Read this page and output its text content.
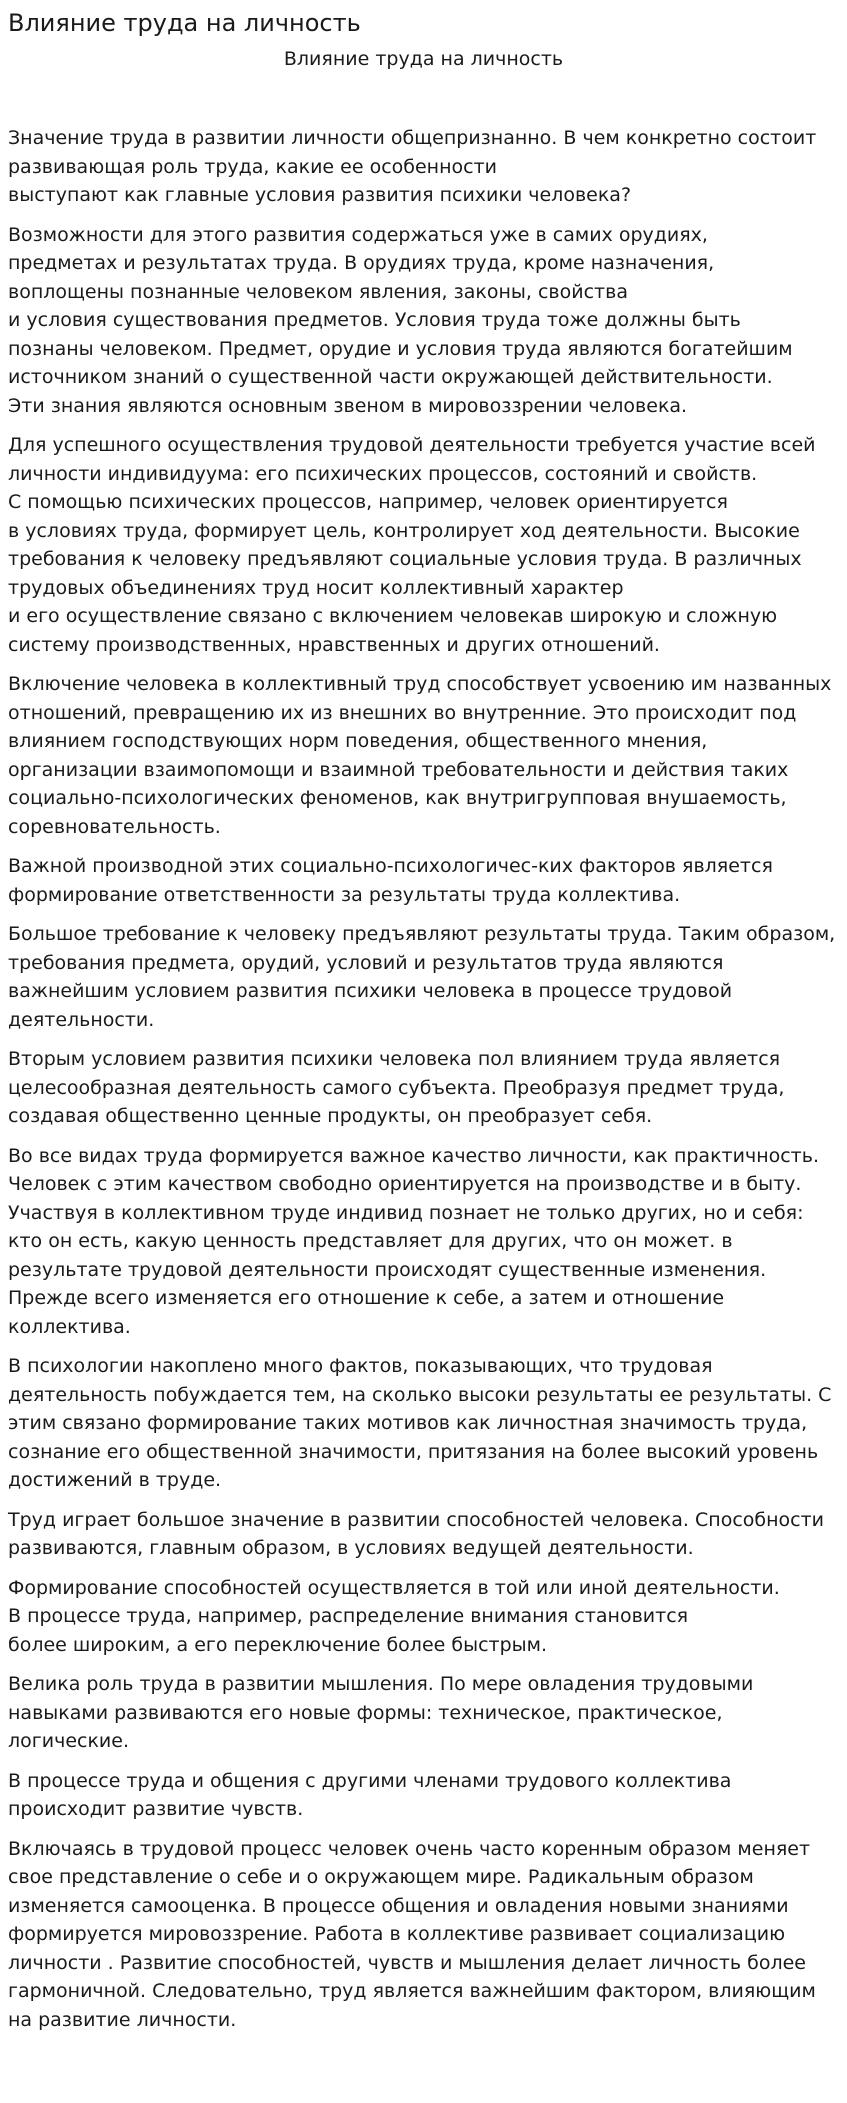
Влияние труда на личность
Влияние труда на личность

Значение труда в развитии личности общепризнанно. В чем конкретно состоит
развивающая роль труда, какие ее особенности
выступают как главные условия развития психики человека?

Возможности для этого развития содержаться уже в самих орудиях,
предметах и результатах труда. В орудиях труда, кроме назначения,
воплощены познанные человеком явления, законы, свойства
и условия существования предметов. Условия труда тоже должны быть
познаны человеком. Предмет, орудие и условия труда являются богатейшим
источником знаний о существенной части окружающей действительности.
Эти знания являются основным звеном в мировоззрении человека.

Для успешного осуществления трудовой деятельности требуется участие всей
личности индивидуума: его психических процессов, состояний и свойств.
С помощью психических процессов, например, человек ориентируется
в условиях труда, формирует цель, контролирует ход деятельности. Высокие
требования к человеку предъявляют социальные условия труда. В различных
трудовых объединениях труд носит коллективный характер
и его осуществление связано с включением человекав широкую и сложную
систему производственных, нравственных и других отношений.

Включение человека в коллективный труд способствует усвоению им названных
отношений, превращению их из внешних во внутренние. Это происходит под
влиянием господствующих норм поведения, общественного мнения,
организации взаимопомощи и взаимной требовательности и действия таких
социально-психологических феноменов, как внутригрупповая внушаемость,
соревновательность.

Важной производной этих социально-психологичес-ких факторов является
формирование ответственности за результаты труда коллектива.

Большое требование к человеку предъявляют результаты труда. Таким образом,
требования предмета, орудий, условий и результатов труда являются
важнейшим условием развития психики человека в процессе трудовой
деятельности.

Вторым условием развития психики человека пол влиянием труда является
целесообразная деятельность самого субъекта. Преобразуя предмет труда,
создавая общественно ценные продукты, он преобразует себя.

Во все видах труда формируется важное качество личности, как практичность.
Человек с этим качеством свободно ориентируется на производстве и в быту.
Участвуя в коллективном труде индивид познает не только других, но и себя:
кто он есть, какую ценность представляет для других, что он может. в
результате трудовой деятельности происходят существенные изменения.
Прежде всего изменяется его отношение к себе, а затем и отношение
коллектива.

В психологии накоплено много фактов, показывающих, что трудовая
деятельность побуждается тем, на сколько высоки результаты ее результаты. С
этим связано формирование таких мотивов как личностная значимость труда,
сознание его общественной значимости, притязания на более высокий уровень
достижений в труде.

Труд играет большое значение в развитии способностей человека. Способности
развиваются, главным образом, в условиях ведущей деятельности.

Формирование способностей осуществляется в той или иной деятельности.
В процессе труда, например, распределение внимания становится
более широким, а его переключение более быстрым.

Велика роль труда в развитии мышления. По мере овладения трудовыми
навыками развиваются его новые формы: техническое, практическое,
логические.

В процессе труда и общения с другими членами трудового коллектива
происходит развитие чувств.

Включаясь в трудовой процесс человек очень часто коренным образом меняет
свое представление о себе и о окружающем мире. Радикальным образом
изменяется самооценка. В процессе общения и овладения новыми знаниями
формируется мировоззрение. Работа в коллективе развивает социализацию
личности . Развитие способностей, чувств и мышления делает личность более
гармоничной. Следовательно, труд является важнейшим фактором, влияющим
на развитие личности.
